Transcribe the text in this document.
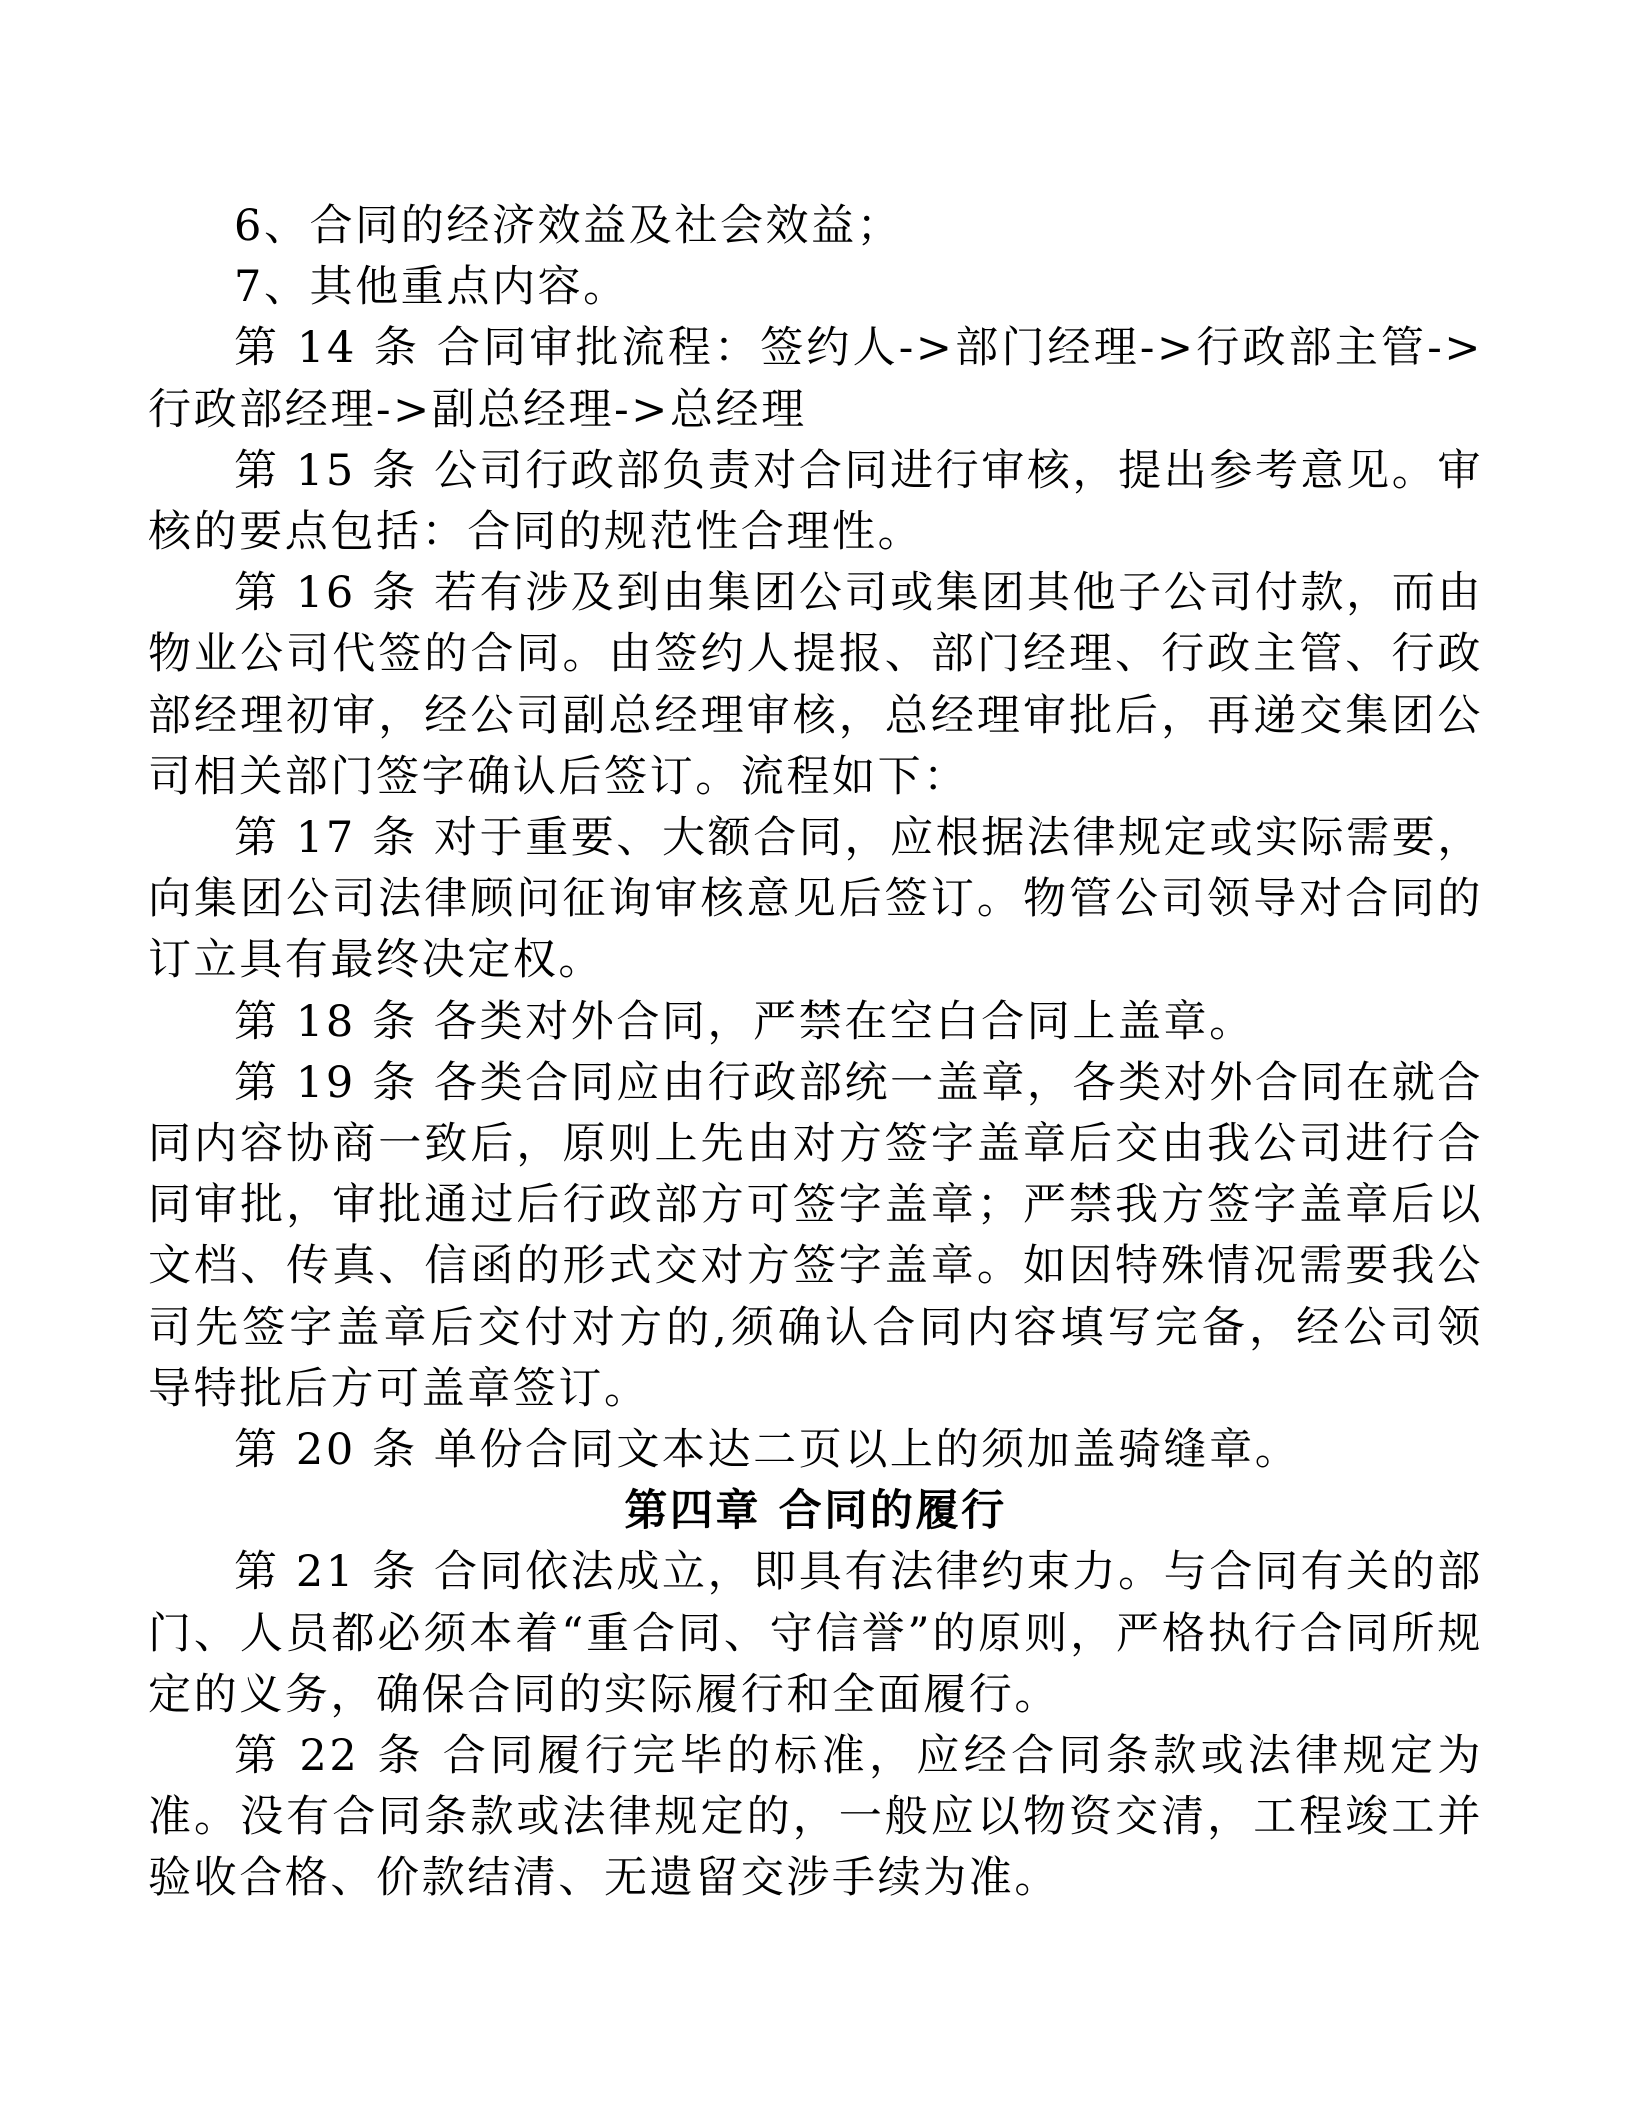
6、合同的经济效益及社会效益；

7、其他重点内容。

第 14 条 合同审批流程：签约人->部门经理->行政部主管->行政部经理->副总经理->总经理

第 15 条 公司行政部负责对合同进行审核，提出参考意见。审核的要点包括：合同的规范性合理性。

第 16 条 若有涉及到由集团公司或集团其他子公司付款，而由物业公司代签的合同。由签约人提报、部门经理、行政主管、行政部经理初审，经公司副总经理审核，总经理审批后，再递交集团公司相关部门签字确认后签订。流程如下：

第 17 条 对于重要、大额合同，应根据法律规定或实际需要，向集团公司法律顾问征询审核意见后签订。物管公司领导对合同的订立具有最终决定权。

第 18 条 各类对外合同，严禁在空白合同上盖章。

第 19 条 各类合同应由行政部统一盖章，各类对外合同在就合同内容协商一致后，原则上先由对方签字盖章后交由我公司进行合同审批，审批通过后行政部方可签字盖章；严禁我方签字盖章后以文档、传真、信函的形式交对方签字盖章。如因特殊情况需要我公司先签字盖章后交付对方的,须确认合同内容填写完备，经公司领导特批后方可盖章签订。

第 20 条 单份合同文本达二页以上的须加盖骑缝章。

第四章 合同的履行

第 21 条 合同依法成立，即具有法律约束力。与合同有关的部门、人员都必须本着“重合同、守信誉”的原则，严格执行合同所规定的义务，确保合同的实际履行和全面履行。

第 22 条 合同履行完毕的标准，应经合同条款或法律规定为准。没有合同条款或法律规定的，一般应以物资交清，工程竣工并验收合格、价款结清、无遗留交涉手续为准。
